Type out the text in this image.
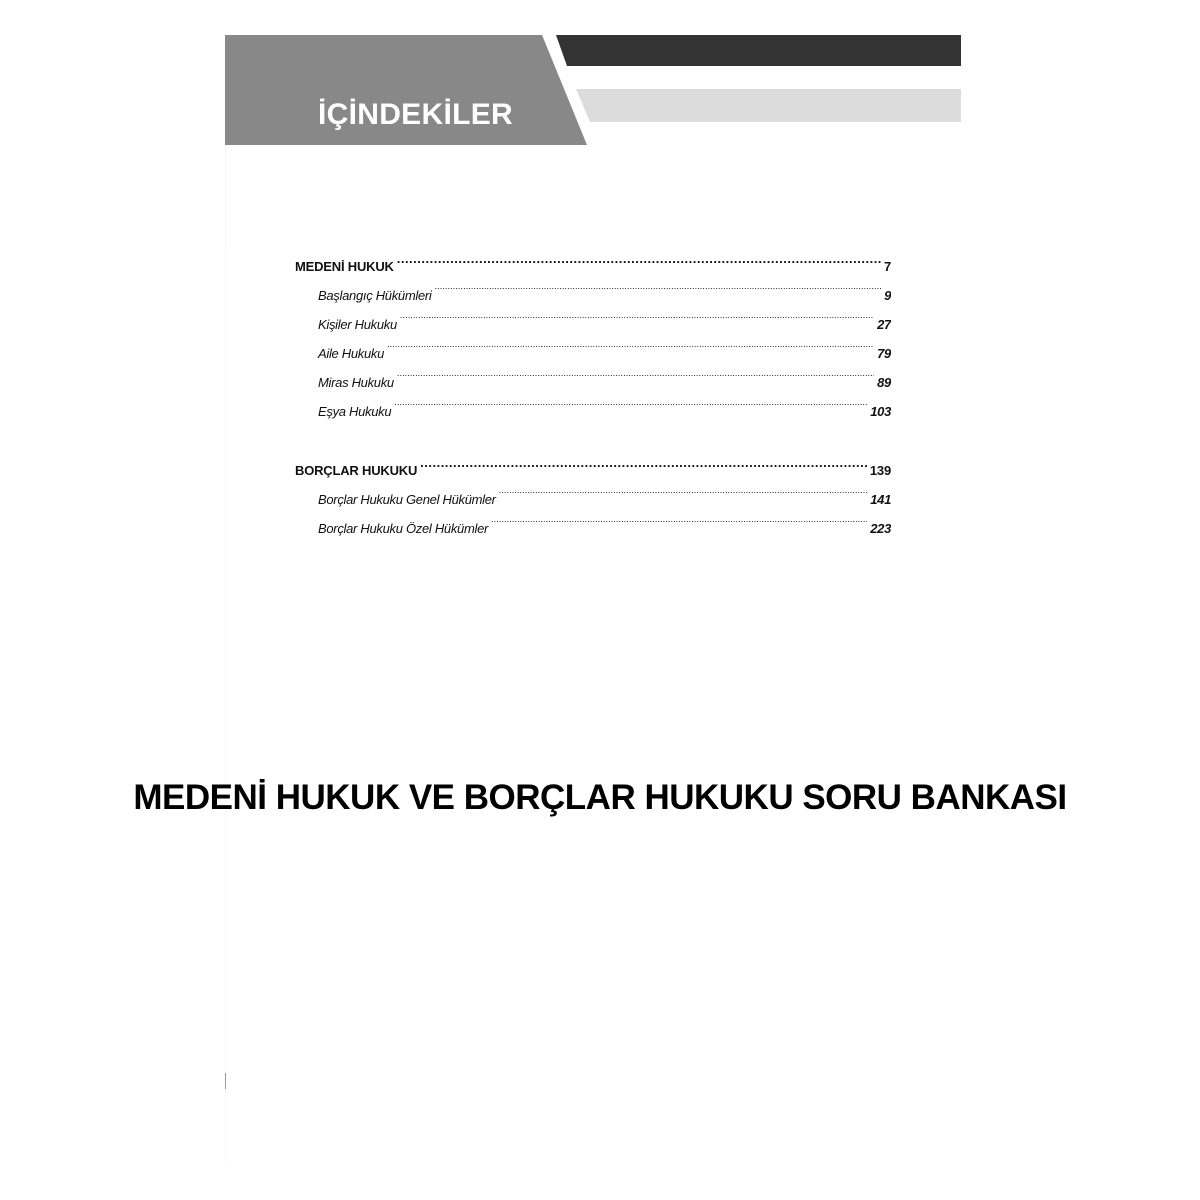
İÇİNDEKİLER
MEDENİ HUKUK .....	7
Başlangıç Hükümleri .....	9
Kişiler Hukuku .....	27
Aile Hukuku .....	79
Miras Hukuku .....	89
Eşya Hukuku .....	103
BORÇLAR HUKUKU .....	139
Borçlar Hukuku Genel Hükümler .....	141
Borçlar Hukuku Özel Hükümler .....	223
MEDENİ HUKUK VE BORÇLAR HUKUKU SORU BANKASI
